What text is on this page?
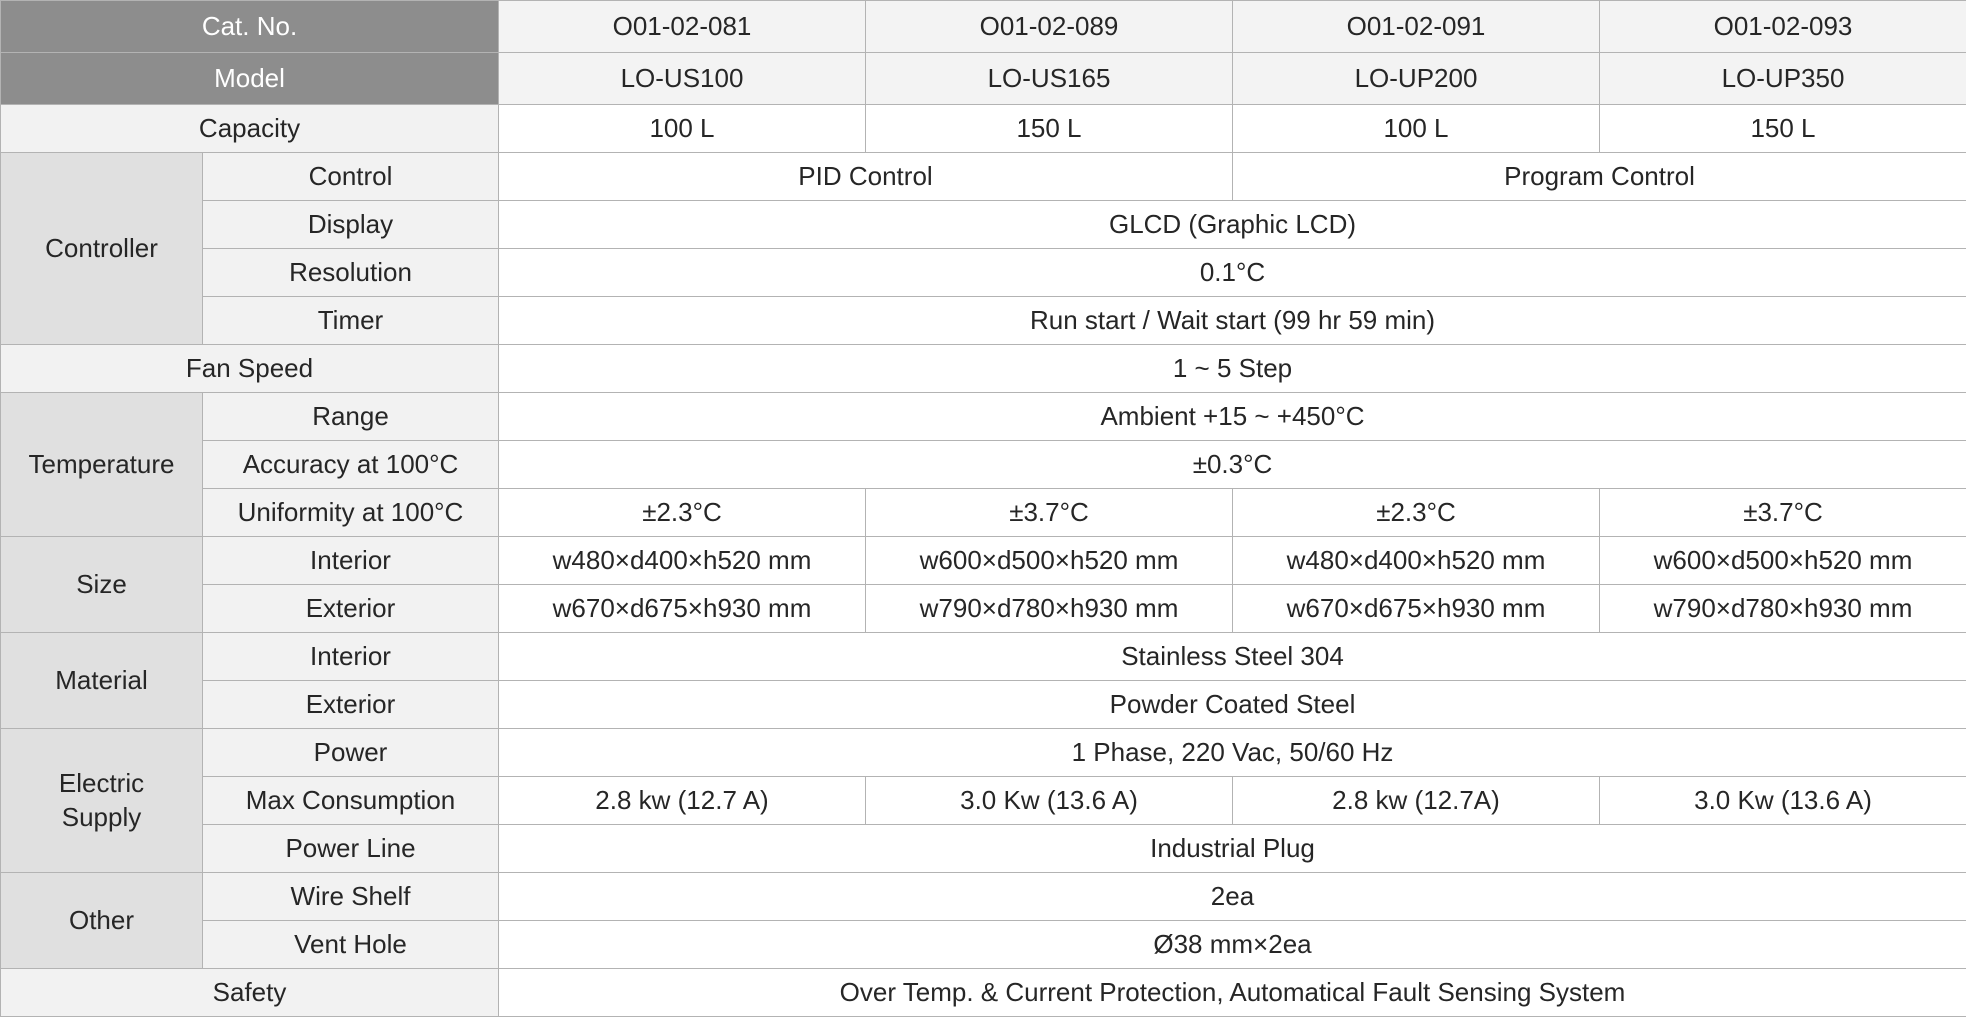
Cat. No.		O01-02-081	O01-02-089	O01-02-091	O01-02-093
Model		LO-US100	LO-US165	LO-UP200	LO-UP350
Capacity		100 L	150 L	100 L	150 L
Controller	Control	PID Control		Program Control	
	Display	GLCD (Graphic LCD)			
	Resolution	0.1°C			
	Timer	Run start / Wait start (99 hr 59 min)			
Fan Speed		1 ~ 5 Step			
Temperature	Range	Ambient +15 ~ +450°C			
	Accuracy at 100°C	±0.3°C			
	Uniformity at 100°C	±2.3°C	±3.7°C	±2.3°C	±3.7°C
Size	Interior	w480×d400×h520 mm	w600×d500×h520 mm	w480×d400×h520 mm	w600×d500×h520 mm
	Exterior	w670×d675×h930 mm	w790×d780×h930 mm	w670×d675×h930 mm	w790×d780×h930 mm
Material	Interior	Stainless Steel 304			
	Exterior	Powder Coated Steel			
Electric
Supply	Power	1 Phase, 220 Vac, 50/60 Hz			
	Max Consumption	2.8 kw (12.7 A)	3.0 Kw (13.6 A)	2.8 kw (12.7A)	3.0 Kw (13.6 A)
	Power Line	Industrial Plug			
Other	Wire Shelf	2ea			
	Vent Hole	Ø38 mm×2ea			
Safety		Over Temp. & Current Protection, Automatical Fault Sensing System			
